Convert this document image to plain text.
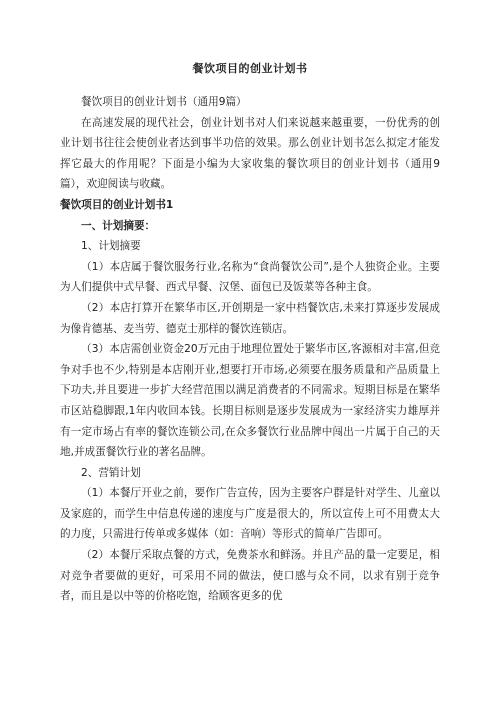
餐饮项目的创业计划书

餐饮项目的创业计划书（通用9篇）

在高速发展的现代社会，创业计划书对人们来说越来越重要，一份优秀的创业计划书往往会使创业者达到事半功倍的效果。那么创业计划书怎么拟定才能发挥它最大的作用呢？下面是小编为大家收集的餐饮项目的创业计划书（通用9篇），欢迎阅读与收藏。

餐饮项目的创业计划书1

一、计划摘要：

1、计划摘要

（1）本店属于餐饮服务行业,名称为“食尚餐饮公司”,是个人独资企业。主要为人们提供中式早餐、西式早餐、汉堡、面包已及饭菜等各种主食。

（2）本店打算开在繁华市区,开创期是一家中档餐饮店,未来打算逐步发展成为像肯德基、麦当劳、德克士那样的餐饮连锁店。

（3）本店需创业资金20万元由于地理位置处于繁华市区,客源相对丰富,但竞争对手也不少,特别是本店刚开业,想要打开市场,必须要在服务质量和产品质量上下功夫,并且要进一步扩大经营范围以满足消费者的不同需求。短期目标是在繁华市区站稳脚跟,1年内收回本钱。长期目标则是逐步发展成为一家经济实力雄厚并有一定市场占有率的餐饮连锁公司,在众多餐饮行业品牌中闯出一片属于自己的天地,并成蛋餐饮行业的著名品牌。

2、营销计划

（1）本餐厅开业之前，要作广告宣传，因为主要客户群是针对学生、儿童以及家庭的，而学生中信息传递的速度与广度是很大的，所以宣传上可不用费太大的力度，只需进行传单或多媒体（如：音响）等形式的简单广告即可。

（2）本餐厅采取点餐的方式，免费茶水和鲜汤。并且产品的量一定要足，相对竞争者要做的更好，可采用不同的做法，使口感与众不同，以求有别于竞争者，而且是以中等的价格吃饱，给顾客更多的优
